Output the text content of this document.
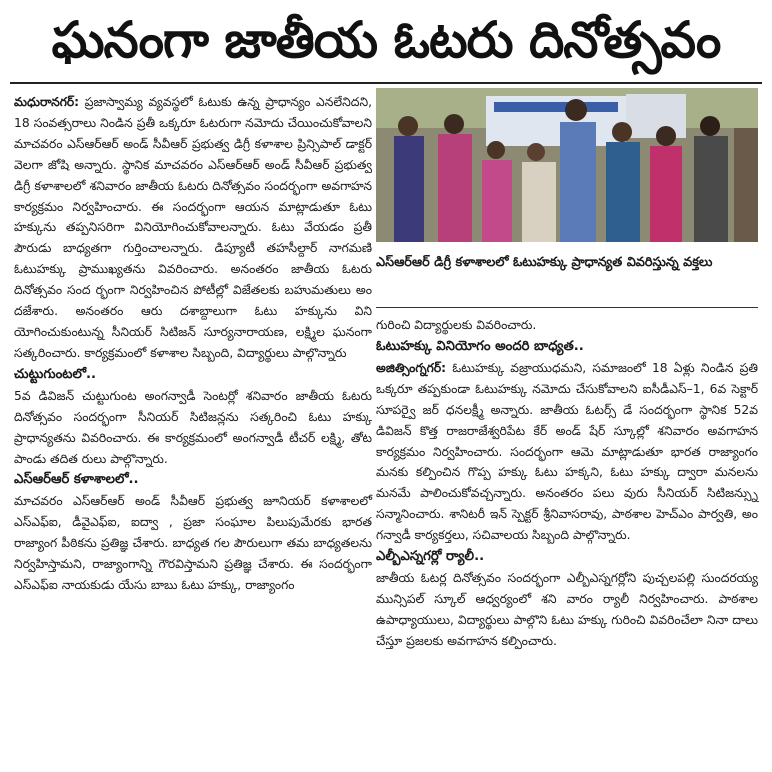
ఘనంగా జాతీయ ఓటరు దినోత్సవం

మధురానగర్: ప్రజాస్వామ్య వ్యవస్థలో ఓటుకు ఉన్న ప్రాధాన్యం ఎనలేనిదని, 18 సంవత్సరాలు నిండిన ప్రతీ ఒక్కరూ ఓటరుగా నమోదు చేయించుకోవాలని మాచవరం ఎస్ఆర్ఆర్ అండ్ సీవీఆర్ ప్రభుత్వ డిగ్రీ కళాశాల ప్రిన్సిపాల్ డాక్టర్ వెలగా జోషి అన్నారు. స్థానిక మాచవరం ఎస్ఆర్ఆర్ అండ్ సీవీఆర్ ప్రభుత్వ డిగ్రీ కళాశాలలో శనివారం జాతీయ ఓటరు దినోత్సవం సందర్భంగా అవగాహన కార్యక్రమం నిర్వహించారు. ఈ సందర్భంగా ఆయన మాట్లాడుతూ ఓటు హక్కును తప్పనిసరిగా వినియోగించుకోవాలన్నారు. ఓటు వేయడం ప్రతీ పౌరుడు బాధ్యతగా గుర్తించాలన్నారు. డిప్యూటీ తహసీల్దార్ నాగమణి ఓటుహక్కు ప్రాముఖ్యతను వివరించారు. అనంతరం జాతీయ ఓటరు దినోత్సవం సంద ర్భంగా నిర్వహించిన పోటీల్లో విజేతలకు బహుమతులు అం దజేశారు. అనంతరం ఆరు దశాబ్దాలుగా ఓటు హక్కును విని యోగించుకుంటున్న సీనియర్ సిటిజన్ సూర్యనారాయణ, లక్ష్మిల ఘనంగా సత్కరించారు. కార్యక్రమంలో కళాశాల సిబ్బంది, విద్యార్థులు పాల్గొన్నారు

చుట్టుగుంటలో..

5వ డివిజన్ చుట్టుగుంట అంగన్వాడీ సెంటర్లో శనివారం జాతీయ ఓటరు దినోత్సవం సందర్భంగా సీనియర్ సిటిజన్లను సత్కరించి ఓటు హక్కు ప్రాధాన్యతను వివరించారు. ఈ కార్యక్రమంలో అంగన్వాడీ టీచర్ లక్ష్మి, తోట పాండు తదిత రులు పాల్గొన్నారు.

ఎస్ఆర్ఆర్ కళాశాలలో..

మాచవరం ఎస్ఆర్ఆర్ అండ్ సీవీఆర్ ప్రభుత్వ జూనియర్ కళాశాలలో ఎస్ఎఫ్ఐ, డీవైఎఫ్ఐ, ఐద్వా , ప్రజా సంఘాల పిలుపుమేరకు భారత రాజ్యాంగ పీఠికను ప్రతిజ్ఞ చేశారు. బాధ్యత గల పౌరులుగా తమ బాధ్యతలను నిర్వహిస్తామని, రాజ్యాంగాన్ని గౌరవిస్తామని ప్రతిజ్ఞ చేశారు. ఈ సందర్భంగా ఎస్ఎఫ్ఐ నాయకుడు యేసు బాబు ఓటు హక్కు, రాజ్యాంగం

ఎస్ఆర్ఆర్ డిగ్రీ కళాశాలలో ఓటుహక్కు ప్రాధాన్యత వివరిస్తున్న వక్తలు

గురించి విద్యార్థులకు వివరించారు.

ఓటుహక్కు వినియోగం అందరి బాధ్యత..

అజిత్సింగ్నగర్: ఓటుహక్కు వజ్రాయుధమని, సమాజంలో 18 ఏళ్లు నిండిన ప్రతి ఒక్కరూ తప్పకుండా ఓటుహక్కు నమోదు చేసుకోవాలని ఐసీడీఎస్–1, 6వ సెక్టార్ సూపర్వై జర్ ధనలక్ష్మీ అన్నారు. జాతీయ ఓటర్స్ డే సందర్భంగా స్థానిక 52వ డివిజన్ కొత్త రాజరాజేశ్వరిపేట కేర్ అండ్ షేర్ స్కూల్లో శనివారం అవగాహన కార్యక్రమం నిర్వహించారు. సందర్భంగా ఆమె మాట్లాడుతూ భారత రాజ్యాంగం మనకు కల్పించిన గొప్ప హక్కు ఓటు హక్కని, ఓటు హక్కు ద్వారా మనలను మనమే పాలించుకోవచ్చన్నారు. అనంతరం పలు వురు సీనియర్ సిటిజన్స్ను సన్మానించారు. శానిటరీ ఇన్ స్పెక్టర్ శ్రీనివాసరావు, పాఠశాల హెచ్ఎం పార్వతి, అం గన్వాడీ కార్యకర్తలు, సచివాలయ సిబ్బంది పాల్గొన్నారు.

ఎల్బీఎస్నగర్లో ర్యాలీ..

జాతీయ ఓటర్ల దినోత్సవం సందర్భంగా ఎల్బీఎస్నగర్లోని పుచ్చలపల్లి సుందరయ్య మున్సిపల్ స్కూల్ ఆధ్వర్యంలో శని వారం ర్యాలీ నిర్వహించారు. పాఠశాల ఉపాధ్యాయులు, విద్యార్థులు పాల్గొని ఓటు హక్కు గురించి వివరించేలా నినా దాలు చేస్తూ ప్రజలకు అవగాహన కల్పించారు.
